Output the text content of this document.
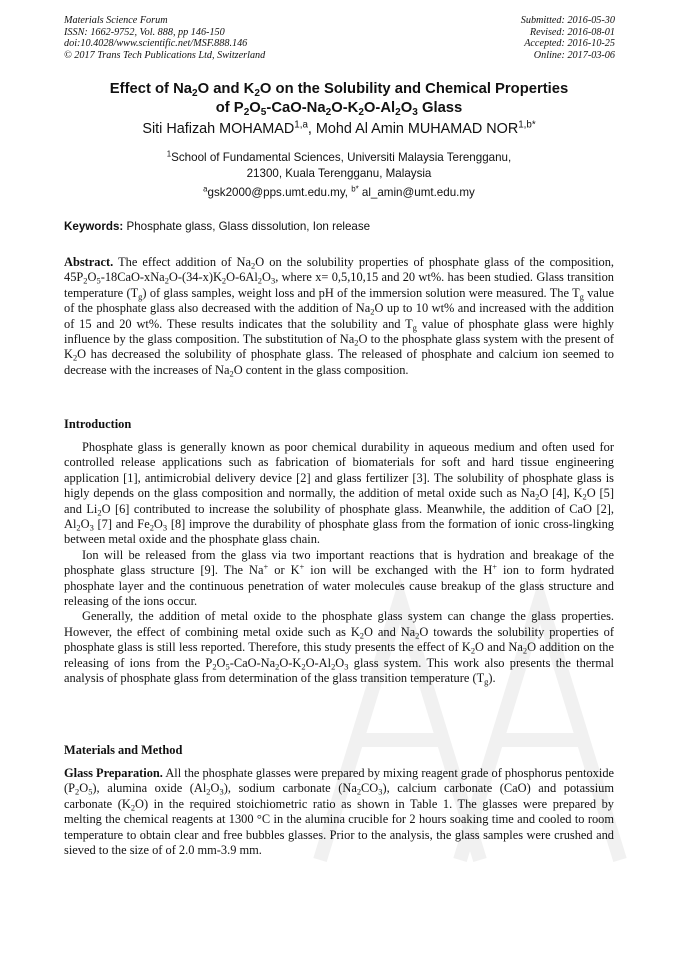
Materials Science Forum
ISSN: 1662-9752, Vol. 888, pp 146-150
doi:10.4028/www.scientific.net/MSF.888.146
© 2017 Trans Tech Publications Ltd, Switzerland
Submitted: 2016-05-30
Revised: 2016-08-01
Accepted: 2016-10-25
Online: 2017-03-06
Effect of $Na_2O$ and $K_2O$ on the Solubility and Chemical Properties
of $P_2O_5-CaO-Na_2O-K_2O-Al_2O_3$ Glass
Siti Hafizah MOHAMAD$^{1,a}$, Mohd Al Amin MUHAMAD $NOR^{1,b*}$
$^1$School of Fundamental Sciences, Universiti Malaysia Terengganu,
21300, Kuala Terengganu, Malaysia
$^a$gsk2000@pps.umt.edu.my, $^{b*}$ al_amin@umt.edu.my
Keywords: Phosphate glass, Glass dissolution, Ion release

Abstract. The effect addition of $Na_2O$ on the solubility properties of phosphate glass of the composition, $45P_2O_5-18CaO-xNa_2O-(34-x)K_2O-6Al_2O_3$, where x= 0,5,10,15 and 20 wt%. has been studied. Glass transition temperature $(T_g)$ of glass samples, weight loss and pH of the immersion solution were measured. The $T_g$ value of the phosphate glass also decreased with the addition of $Na_2O$ up to 10 wt% and increased with the addition of 15 and 20 wt%. These results indicates that the solubility and $T_g$ value of phosphate glass were highly influence by the glass composition. The substitution of $Na_2O$ to the phosphate glass system with the present of $K_2O$ has decreased the solubility of phosphate glass. The released of phosphate and calcium ion seemed to decrease with the increases of $Na_2O$ content in the glass composition.

Introduction

Phosphate glass is generally known as poor chemical durability in aqueous medium and often used for controlled release applications such as fabrication of biomaterials for soft and hard tissue engineering application [1], antimicrobial delivery device [2] and glass fertilizer [3]. The solubility of phosphate glass is higly depends on the glass composition and normally, the addition of metal oxide such as $Na_2O$ [4], $K_2O$ [5] and $Li_2O$ [6] contributed to increase the solubility of phosphate glass. Meanwhile, the addition of CaO [2], $Al_2O_3$ [7] and $Fe_2O_3$ [8] improve the durability of phosphate glass from the formation of ionic cross-lingking between metal oxide and the phosphate glass chain.

Ion will be released from the glass via two important reactions that is hydration and breakage of the phosphate glass structure [9]. The Na+ or K+ ion will be exchanged with the H+ ion to form hydrated phosphate layer and the continuous penetration of water molecules cause breakup of the glass structure and releasing of the ions occur.

Generally, the addition of metal oxide to the phosphate glass system can change the glass properties. However, the effect of combining metal oxide such as $K_2O$ and $Na_2O$ towards the solubility properties of phosphate glass is still less reported. Therefore, this study presents the effect of $K_2O$ and $Na_2O$ addition on the releasing of ions from the $P_2O_5-CaO-Na_2O-K_2O-Al_2O_3$ glass system. This work also presents the thermal analysis of phosphate glass from determination of the glass transition temperature $(T_g)$.

Materials and Method

Glass Preparation. All the phosphate glasses were prepared by mixing reagent grade of phosphorus pentoxide $(P_2O_5)$, alumina oxide $(Al_2O_3)$, sodium carbonate $(Na_2CO_3)$, calcium carbonate (CaO) and potassium carbonate $(K_2O)$ in the required stoichiometric ratio as shown in Table 1. The glasses were prepared by melting the chemical reagents at 1300 °C in the alumina crucible for 2 hours soaking time and cooled to room temperature to obtain clear and free bubbles glasses. Prior to the analysis, the glass samples were crushed and sieved to the size of of 2.0 mm-3.9 mm.
